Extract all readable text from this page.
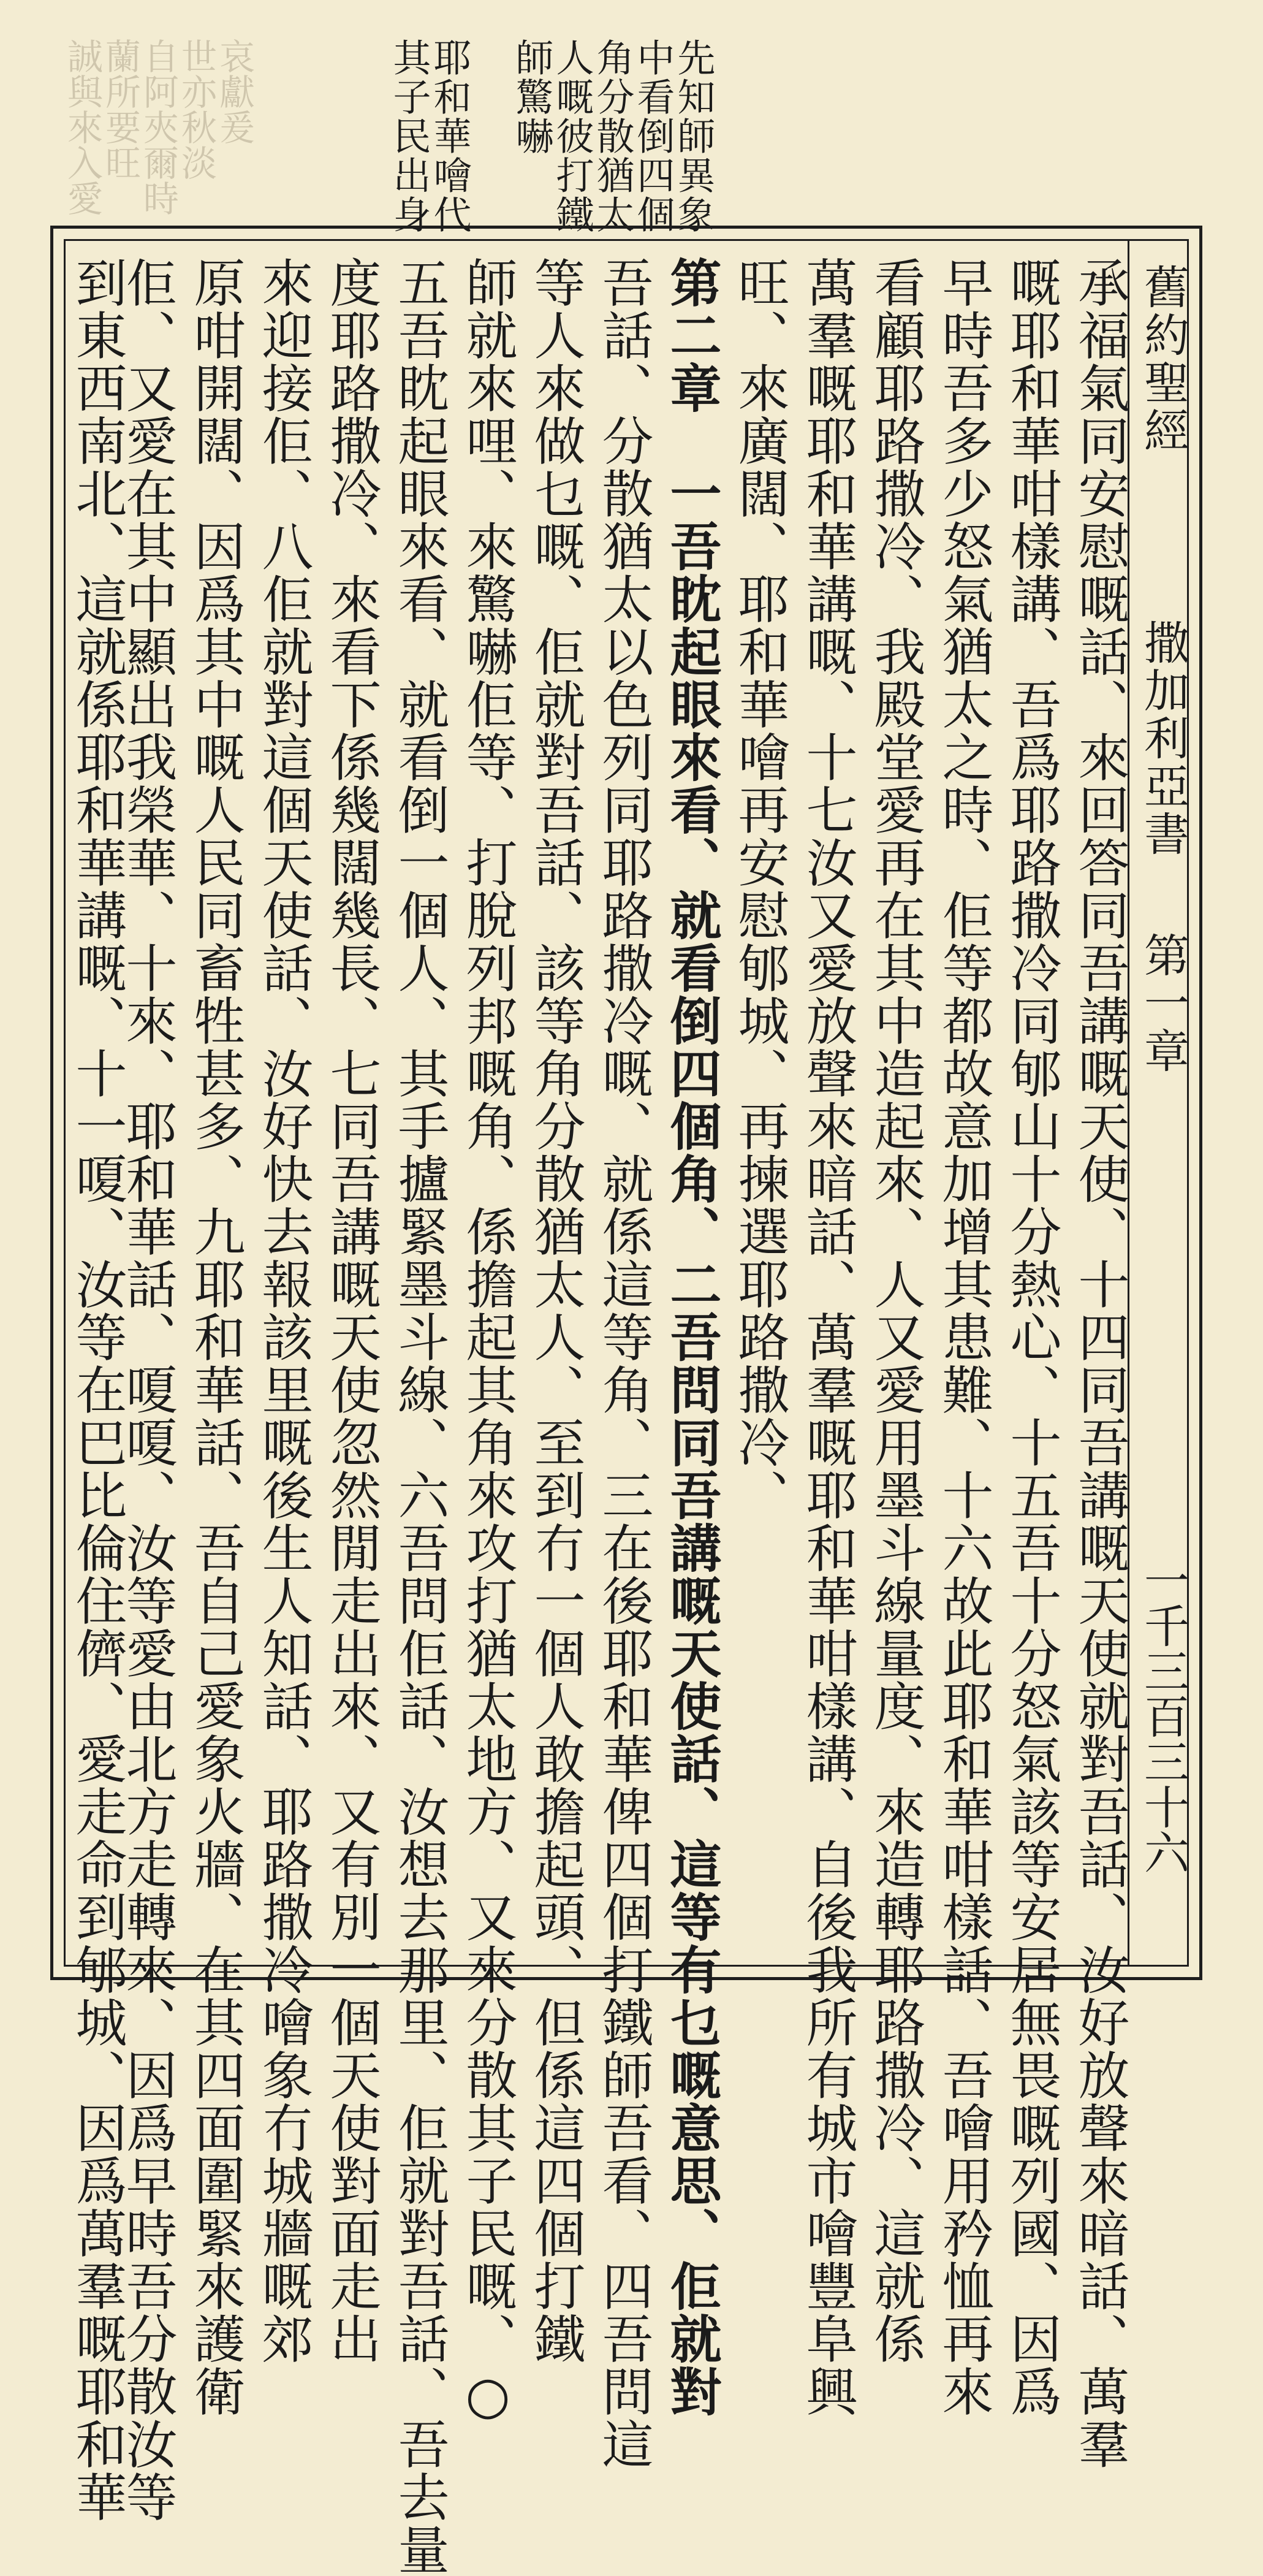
哀獻爰
世亦秋淡
自阿夾爾時
蘭所要旺
誠與來入愛	先知師異象
中看倒四個
角分散猶太
人嘅彼打鐵
師驚嚇
耶和華噲代
其子民出身
舊約聖經
撒加利亞書
第一章
一千三百三十六
承福氣同安慰嘅話、來回答同吾講嘅天使、十四同吾講嘅天使就對吾話、汝好放聲來暗話、萬羣
嘅耶和華咁樣講、吾爲耶路撒冷同郇山十分熱心、十五吾十分怒氣該等安居無畏嘅列國、因爲
早時吾多少怒氣猶太之時、佢等都故意加增其患難、十六故此耶和華咁樣話、吾噲用矜恤再來
看顧耶路撒冷、我殿堂愛再在其中造起來、人又愛用墨斗線量度、來造轉耶路撒冷、這就係
萬羣嘅耶和華講嘅、十七汝又愛放聲來暗話、萬羣嘅耶和華咁樣講、自後我所有城市噲豐阜興
旺、來廣闊、耶和華噲再安慰郇城、再揀選耶路撒冷、
第二章　一吾眈起眼來看、就看倒四個角、二吾問同吾講嘅天使話、這等有乜嘅意思、佢就對
吾話、分散猶太以色列同耶路撒冷嘅、就係這等角、三在後耶和華俾四個打鐵師吾看、四吾問這
等人來做乜嘅、佢就對吾話、該等角分散猶太人、至到冇一個人敢擔起頭、但係這四個打鐵
師就來哩、來驚嚇佢等、打脫列邦嘅角、係擔起其角來攻打猶太地方、又來分散其子民嘅、○
五吾眈起眼來看、就看倒一個人、其手攎緊墨斗線、六吾問佢話、汝想去那里、佢就對吾話、吾去量
度耶路撒冷、來看下係幾闊幾長、七同吾講嘅天使忽然閒走出來、又有別一個天使對面走出
來迎接佢、八佢就對這個天使話、汝好快去報該里嘅後生人知話、耶路撒冷噲象冇城牆嘅郊
原咁開闊、因爲其中嘅人民同畜牲甚多、九耶和華話、吾自己愛象火牆、在其四面圍緊來護衛
佢、又愛在其中顯出我榮華、十來、耶和華話、嗄嗄、汝等愛由北方走轉來、因爲早時吾分散汝等
到東西南北、這就係耶和華講嘅、十一嗄、汝等在巴比倫住儕、愛走命到郇城、因爲萬羣嘅耶和華
